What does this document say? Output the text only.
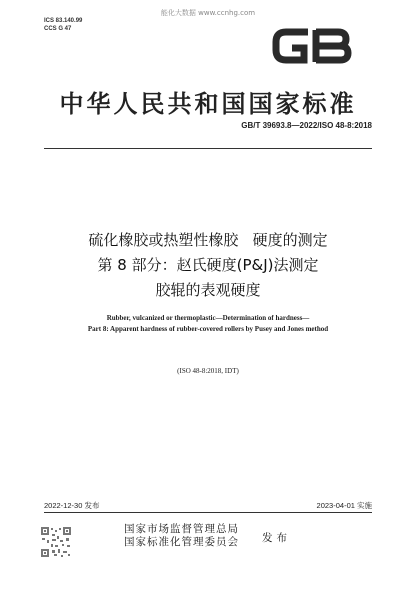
能化大数据 www.ccnhg.com
ICS 83.140.99
CCS G 47
中华人民共和国国家标准
GB/T 39693.8—2022/ISO 48-8:2018
硫化橡胶或热塑性橡胶   硬度的测定
第 8 部分：赵氏硬度(P&J)法测定
胶辊的表观硬度
Rubber, vulcanized or thermoplastic—Determination of hardness—
Part 8: Apparent hardness of rubber-covered rollers by Pusey and Jones method
(ISO 48-8:2018, IDT)
2022-12-30 发布	2023-04-01 实施
国家市场监督管理总局
国家标准化管理委员会 发布
